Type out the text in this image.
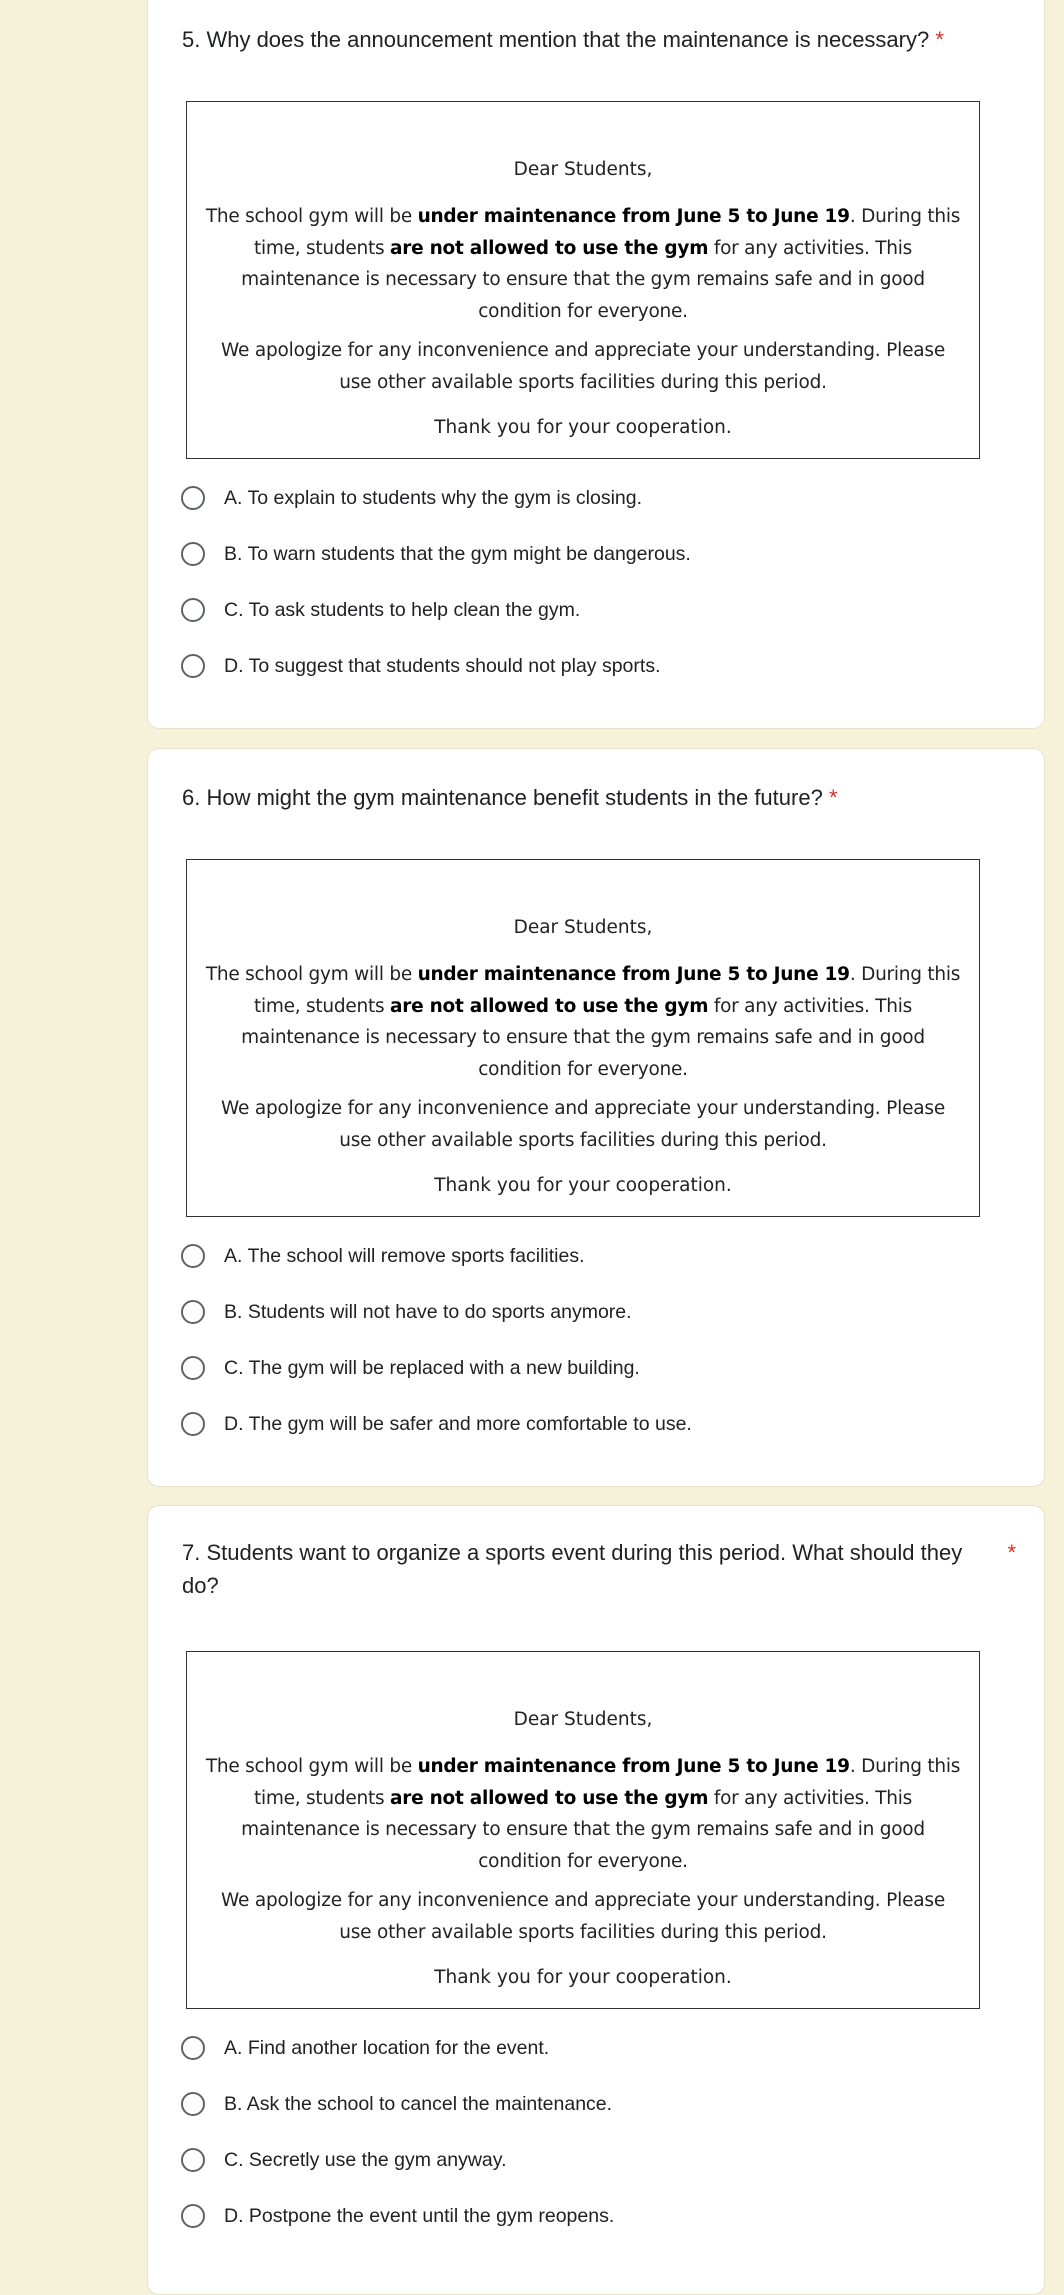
5. Why does the announcement mention that the maintenance is necessary? *
Dear Students,
The school gym will be under maintenance from June 5 to June 19. During this time, students are not allowed to use the gym for any activities. This maintenance is necessary to ensure that the gym remains safe and in good condition for everyone.
We apologize for any inconvenience and appreciate your understanding. Please use other available sports facilities during this period.
Thank you for your cooperation.
A. To explain to students why the gym is closing.
B. To warn students that the gym might be dangerous.
C. To ask students to help clean the gym.
D. To suggest that students should not play sports.
6. How might the gym maintenance benefit students in the future? *
Dear Students,
The school gym will be under maintenance from June 5 to June 19. During this time, students are not allowed to use the gym for any activities. This maintenance is necessary to ensure that the gym remains safe and in good condition for everyone.
We apologize for any inconvenience and appreciate your understanding. Please use other available sports facilities during this period.
Thank you for your cooperation.
A. The school will remove sports facilities.
B. Students will not have to do sports anymore.
C. The gym will be replaced with a new building.
D. The gym will be safer and more comfortable to use.
7. Students want to organize a sports event during this period. What should they do?
*
Dear Students,
The school gym will be under maintenance from June 5 to June 19. During this time, students are not allowed to use the gym for any activities. This maintenance is necessary to ensure that the gym remains safe and in good condition for everyone.
We apologize for any inconvenience and appreciate your understanding. Please use other available sports facilities during this period.
Thank you for your cooperation.
A. Find another location for the event.
B. Ask the school to cancel the maintenance.
C. Secretly use the gym anyway.
D. Postpone the event until the gym reopens.
